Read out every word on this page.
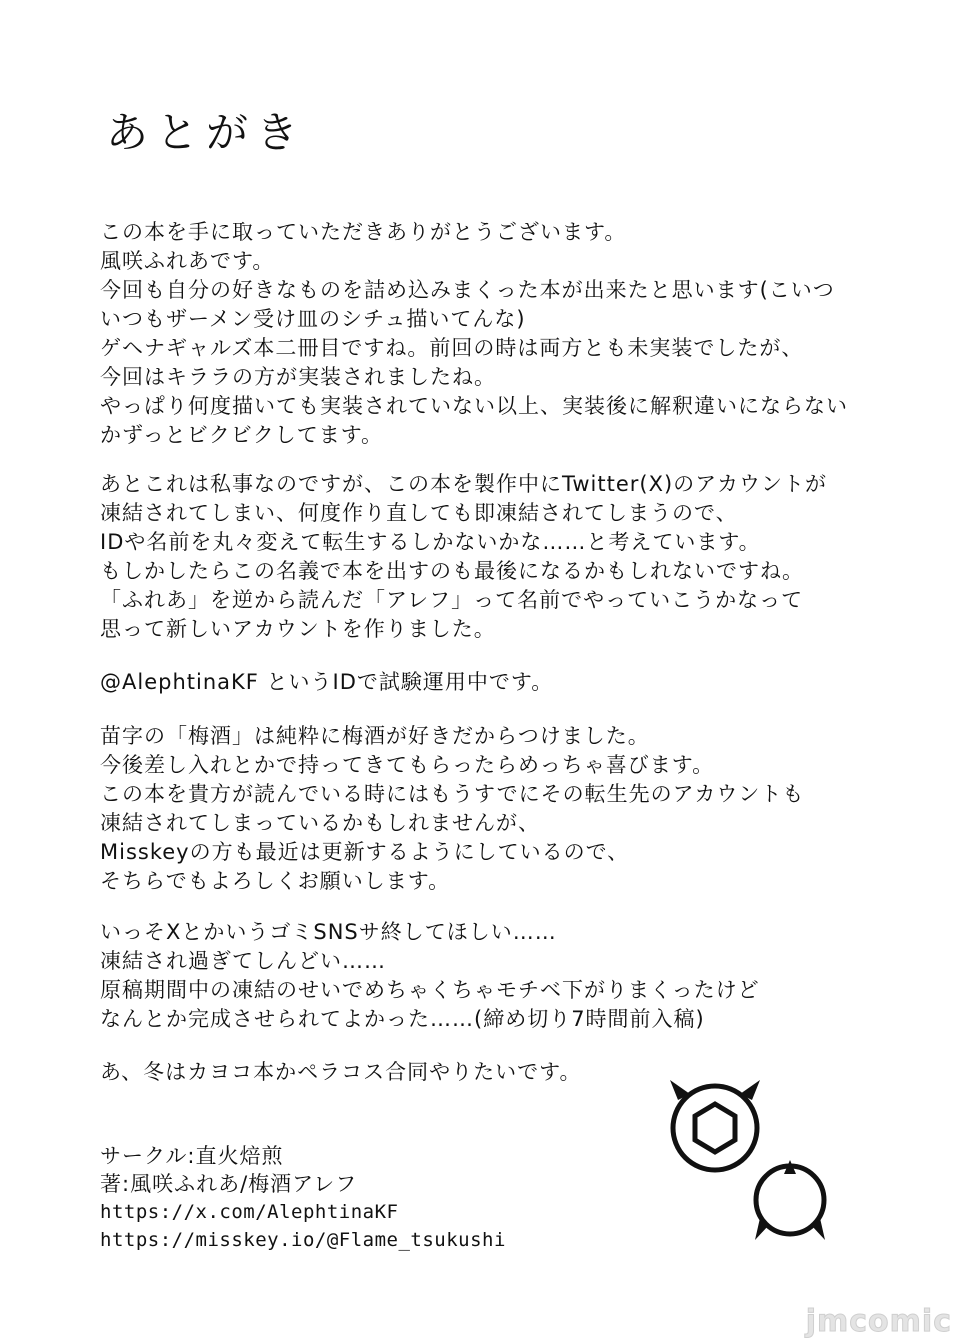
あとがき
この本を手に取っていただきありがとうございます。
風咲ふれあです。
今回も自分の好きなものを詰め込みまくった本が出来たと思います(こいつ
いつもザーメン受け皿のシチュ描いてんな)
ゲヘナギャルズ本二冊目ですね。前回の時は両方とも未実装でしたが、
今回はキララの方が実装されましたね。
やっぱり何度描いても実装されていない以上、実装後に解釈違いにならない
かずっとビクビクしてます。
あとこれは私事なのですが、この本を製作中にTwitter(X)のアカウントが
凍結されてしまい、何度作り直しても即凍結されてしまうので、
IDや名前を丸々変えて転生するしかないかな……と考えています。
もしかしたらこの名義で本を出すのも最後になるかもしれないですね。
「ふれあ」を逆から読んだ「アレフ」って名前でやっていこうかなって
思って新しいアカウントを作りました。
@AlephtinaKF というIDで試験運用中です。
苗字の「梅酒」は純粋に梅酒が好きだからつけました。
今後差し入れとかで持ってきてもらったらめっちゃ喜びます。
この本を貴方が読んでいる時にはもうすでにその転生先のアカウントも
凍結されてしまっているかもしれませんが、
Misskeyの方も最近は更新するようにしているので、
そちらでもよろしくお願いします。
いっそXとかいうゴミSNSサ終してほしい……
凍結され過ぎてしんどい……
原稿期間中の凍結のせいでめちゃくちゃモチベ下がりまくったけど
なんとか完成させられてよかった……(締め切り7時間前入稿)
あ、冬はカヨコ本かペラコス合同やりたいです。
サークル:直火焙煎
著:風咲ふれあ/梅酒アレフ
https://x.com/AlephtinaKF
https://misskey.io/@Flame_tsukushi
jmcomic
